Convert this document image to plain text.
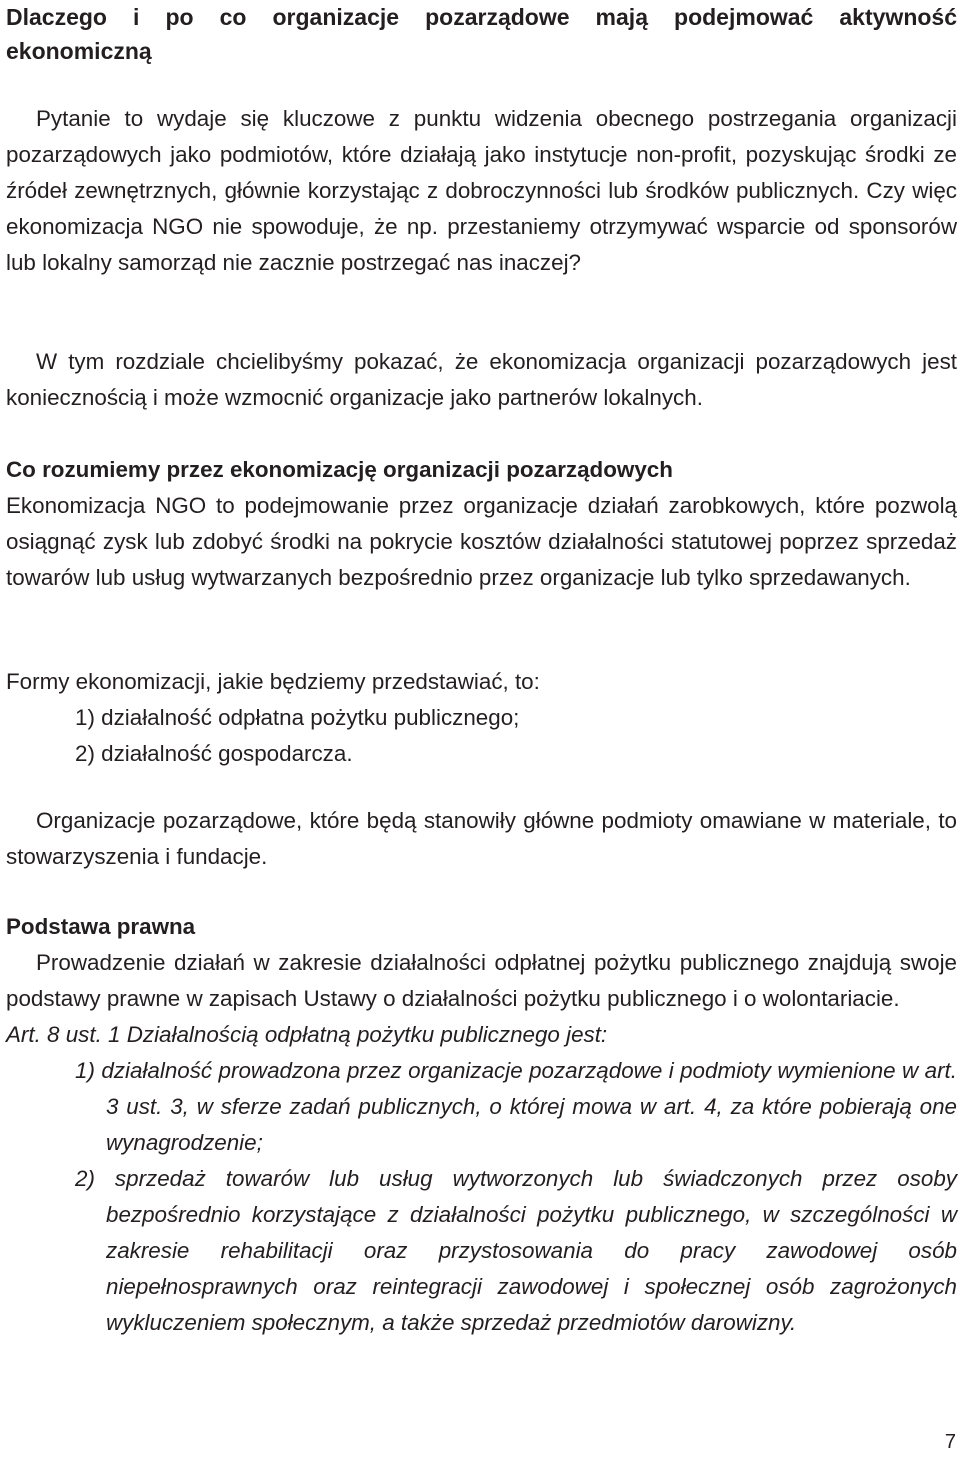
Dlaczego i po co organizacje pozarządowe mają podejmować aktywność

ekonomiczną

Pytanie to wydaje się kluczowe z punktu widzenia obecnego postrzegania organizacji pozarządowych jako podmiotów, które działają jako instytucje non-profit, pozyskując środki ze źródeł zewnętrznych, głównie korzystając z dobroczynności lub środków publicznych. Czy więc ekonomizacja NGO nie spowoduje, że np. przestaniemy otrzymywać wsparcie od sponsorów lub lokalny samorząd nie zacznie postrzegać nas inaczej?

W tym rozdziale chcielibyśmy pokazać, że ekonomizacja organizacji pozarządowych jest koniecznością i może wzmocnić organizacje jako partnerów lokalnych.

Co rozumiemy przez ekonomizację organizacji pozarządowych

Ekonomizacja NGO to podejmowanie przez organizacje działań zarobkowych, które pozwolą osiągnąć zysk lub zdobyć środki na pokrycie kosztów działalności statutowej poprzez sprzedaż towarów lub usług wytwarzanych bezpośrednio przez organizacje lub tylko sprzedawanych.

Formy ekonomizacji, jakie będziemy przedstawiać, to:

1) działalność odpłatna pożytku publicznego;

2) działalność gospodarcza.

Organizacje pozarządowe, które będą stanowiły główne podmioty omawiane w materiale, to stowarzyszenia i fundacje.

Podstawa prawna

Prowadzenie działań w zakresie działalności odpłatnej pożytku publicznego znajdują swoje podstawy prawne w zapisach Ustawy o działalności pożytku publicznego i o wolontariacie.

Art. 8 ust. 1 Działalnością odpłatną pożytku publicznego jest:

1) działalność prowadzona przez organizacje pozarządowe i podmioty wymienione w art. 3 ust. 3, w sferze zadań publicznych, o której mowa w art. 4, za które pobierają one wynagrodzenie;

2) sprzedaż towarów lub usług wytworzonych lub świadczonych przez osoby bezpośrednio korzystające z działalności pożytku publicznego, w szczególności w zakresie rehabilitacji oraz przystosowania do pracy zawodowej osób niepełnosprawnych oraz reintegracji zawodowej i społecznej osób zagrożonych wykluczeniem społecznym, a także sprzedaż przedmiotów darowizny.

7
